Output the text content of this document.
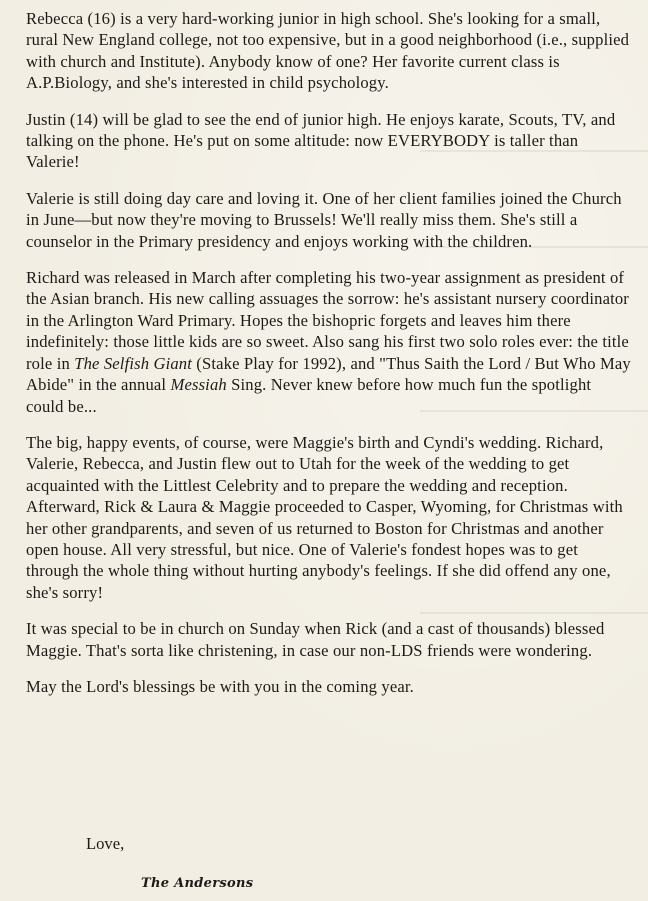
Rebecca (16) is a very hard-working junior in high school. She's looking for a small, rural New England college, not too expensive, but in a good neighborhood (i.e., supplied with church and Institute). Anybody know of one? Her favorite current class is A.P.Biology, and she's interested in child psychology.

Justin (14) will be glad to see the end of junior high. He enjoys karate, Scouts, TV, and talking on the phone. He's put on some altitude: now EVERYBODY is taller than Valerie!

Valerie is still doing day care and loving it. One of her client families joined the Church in June—but now they're moving to Brussels! We'll really miss them. She's still a counselor in the Primary presidency and enjoys working with the children.

Richard was released in March after completing his two-year assignment as president of the Asian branch. His new calling assuages the sorrow: he's assistant nursery coordinator in the Arlington Ward Primary. Hopes the bishopric forgets and leaves him there indefinitely: those little kids are so sweet. Also sang his first two solo roles ever: the title role in The Selfish Giant (Stake Play for 1992), and "Thus Saith the Lord / But Who May Abide" in the annual Messiah Sing. Never knew before how much fun the spotlight could be...

The big, happy events, of course, were Maggie's birth and Cyndi's wedding. Richard, Valerie, Rebecca, and Justin flew out to Utah for the week of the wedding to get acquainted with the Littlest Celebrity and to prepare the wedding and reception. Afterward, Rick & Laura & Maggie proceeded to Casper, Wyoming, for Christmas with her other grandparents, and seven of us returned to Boston for Christmas and another open house. All very stressful, but nice. One of Valerie's fondest hopes was to get through the whole thing without hurting anybody's feelings. If she did offend any one, she's sorry!

It was special to be in church on Sunday when Rick (and a cast of thousands) blessed Maggie. That's sorta like christening, in case our non-LDS friends were wondering.

May the Lord's blessings be with you in the coming year.

Love,
The Andersons
